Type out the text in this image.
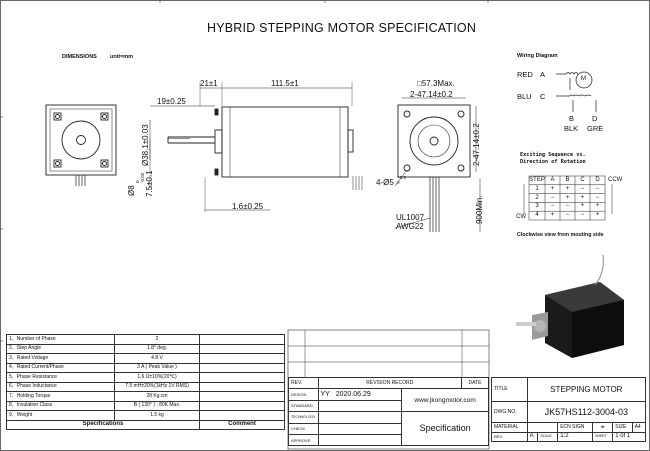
HYBRID STEPPING MOTOR SPECIFICATION
DIMENSIONS unit=mm
21±1	111.5±1
19±0.25
Ø38.1±0.03
Ø8
0
-0.02 7.5±0.1
1.6±0.25
□57.3Max.
2-47.14±0.2
2-47.14±0.2
4-Ø5
+0.3
0
UL1007
AWG22
900Min.
Wiring Diagram
RED A
BLU C
M
B D
BLK GRE
Exciting Sequence vs.
Direction of Rotation
STEP A	B	C	D
1	+	+	−	−
2	−	+	+	−
3	−	−	+	+
4	+	−	−	+
CCW
CW
Clockwise view from mouting side
1、Number of Phase	2	
2、Step Angle	1.8° deg.	
3、Rated Voltage	4.8 V	
4、Rated Current/Phase	3 A ( Peak Value )	
5、Phase Resistance	1.6 Ω±10%(20℃)	
6、Phase Inductance	7.5 mH±20%(1kHz 1V RMS)	
7、Holding Torque	28 Kg.cm	
8、Insulation Class	B ( 130° ) ; 80K Max.	
9、Weight	1.5 kg	
Specifications		Comment
REV.	REVISION RECORD		DATE
DESIGN	YY 2020.06.29	www.jkongmotor.com	
STANDARD			
TECHNOLOGY		Specification	
CHECK			
APPROVE			
TITLE	STEPPING MOTOR					
DWG.NO.	JK57HS112-3004-03					
MATERIAL			ECN SIGN	⌖	SIZE	A4
REV.	A	SCALE	1:2	SHEET	1 of 1	
